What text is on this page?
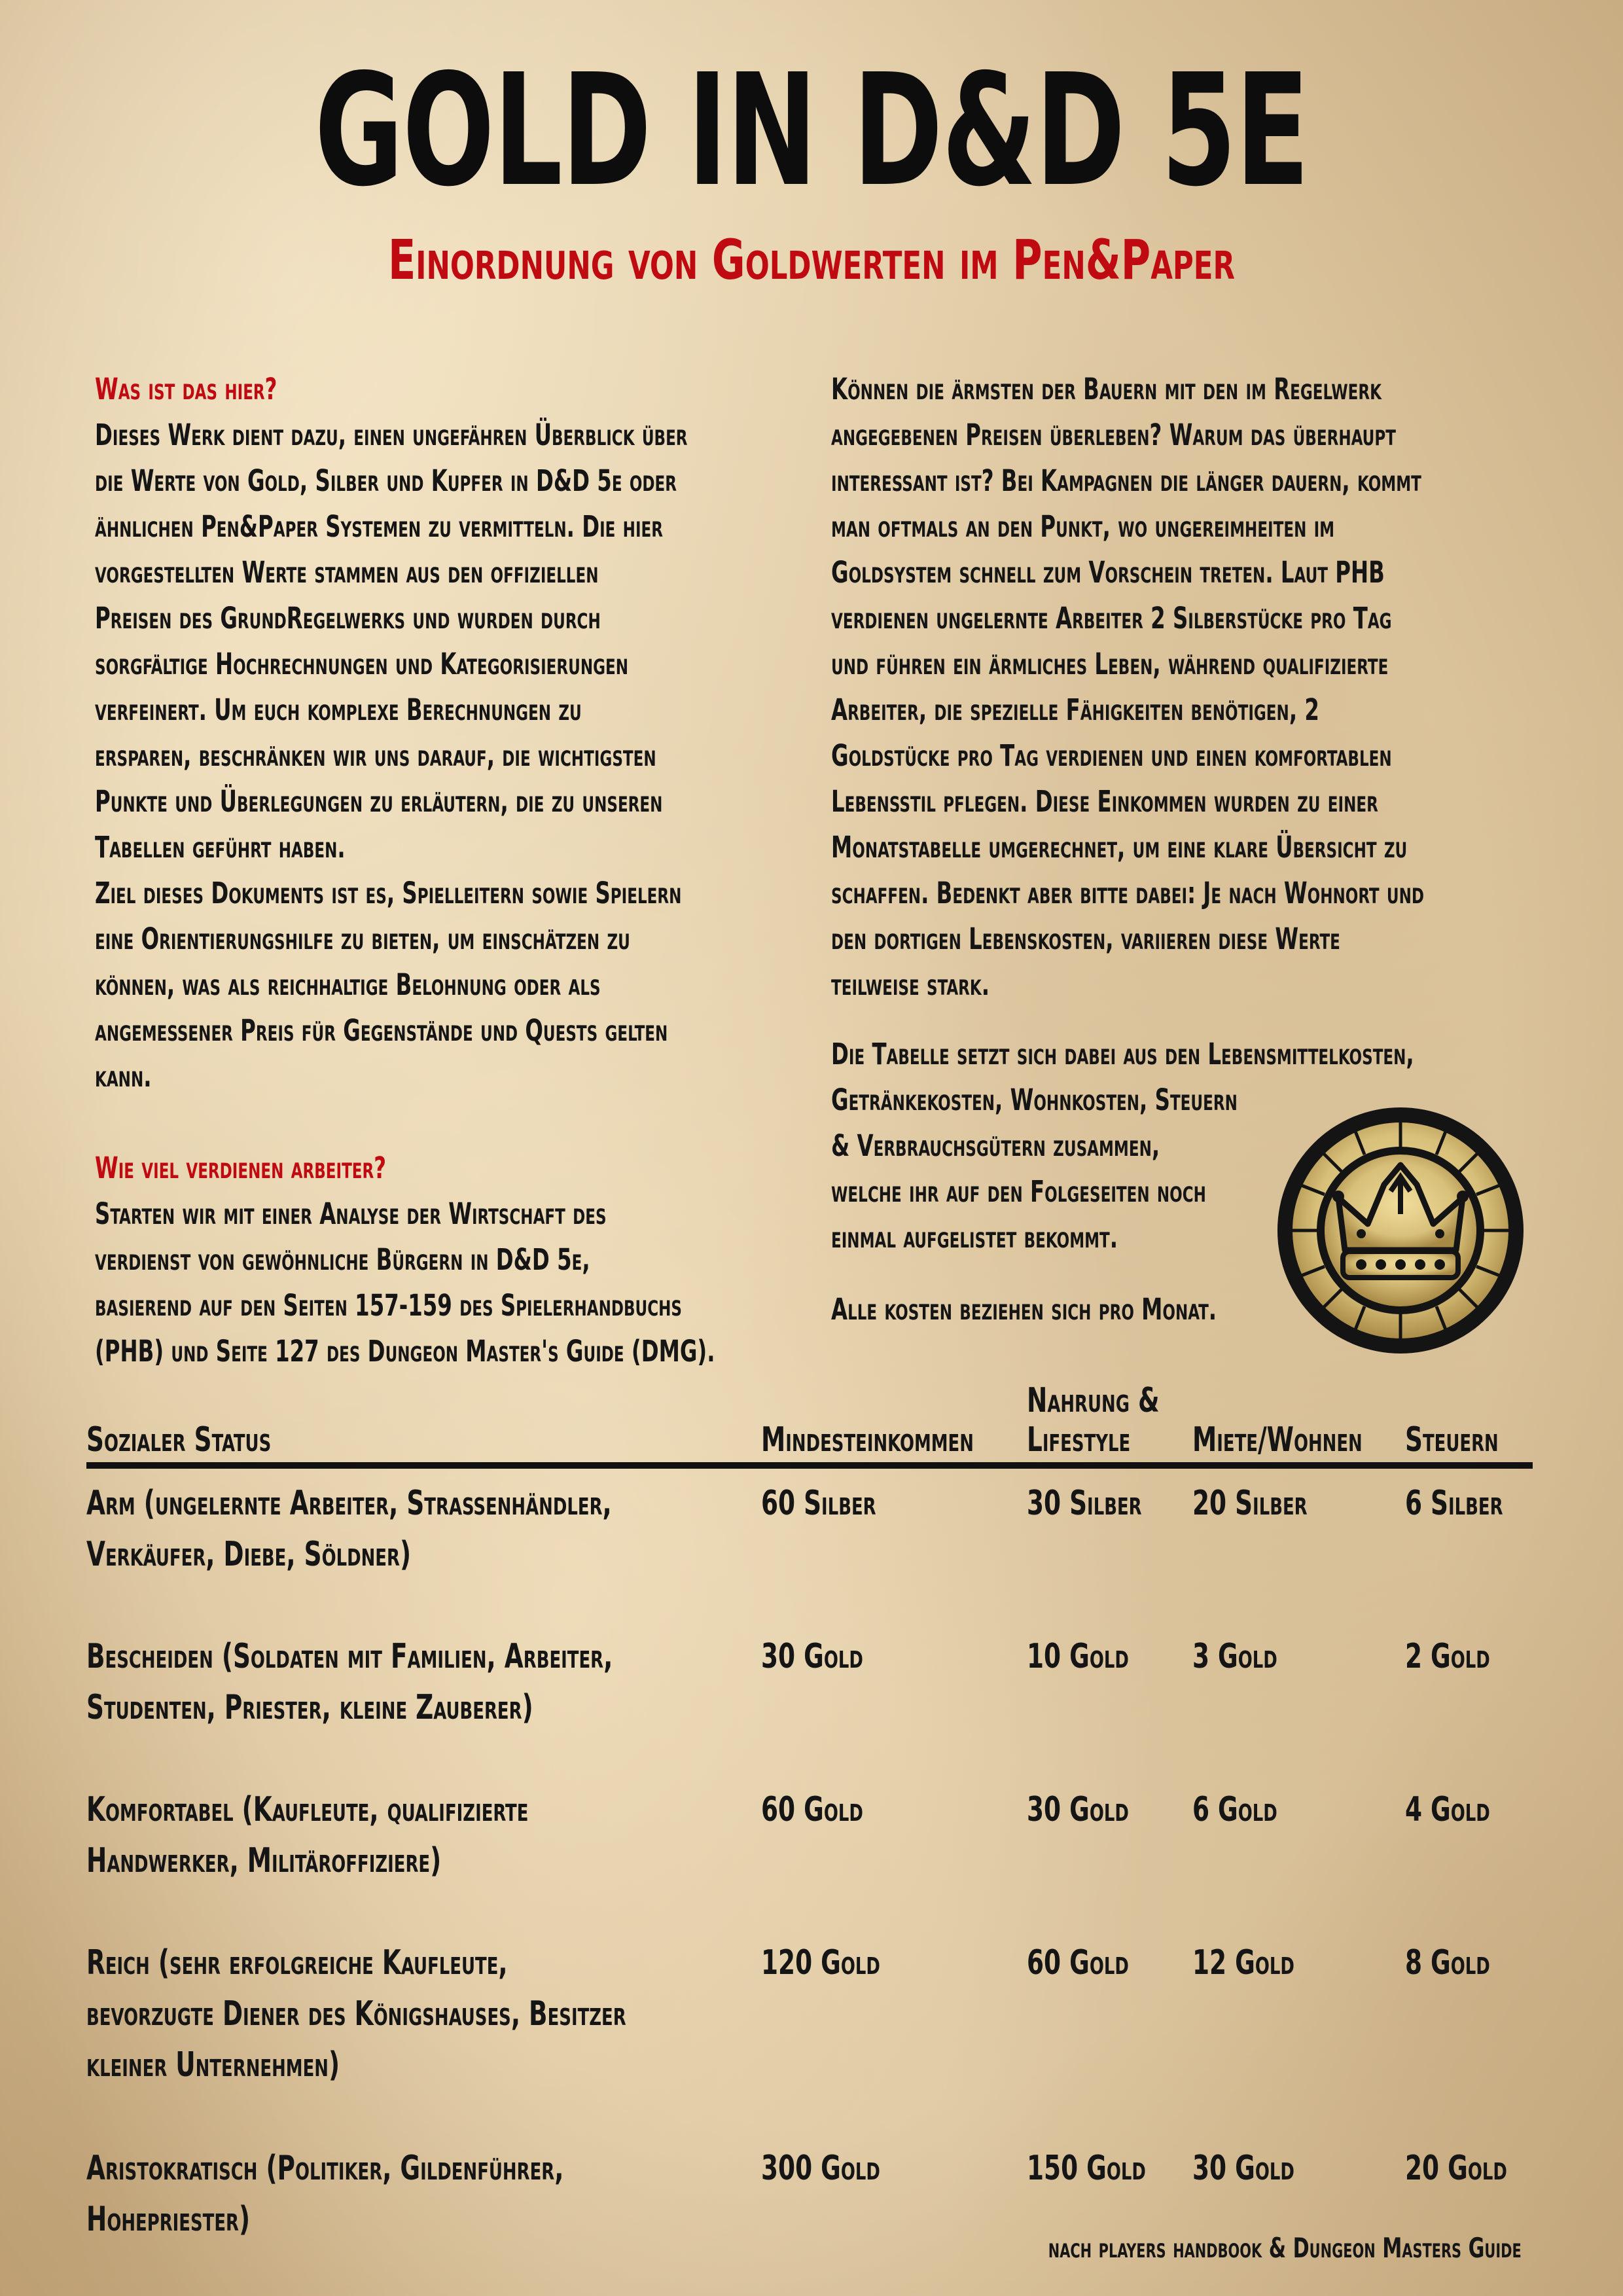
GOLD IN D&D 5E
Einordnung von Goldwerten im Pen&Paper
Was ist das hier?
Dieses Werk dient dazu, einen ungefähren Überblick über
die Werte von Gold, Silber und Kupfer in D&D 5e oder
ähnlichen Pen&Paper Systemen zu vermitteln. Die hier
vorgestellten Werte stammen aus den offiziellen
Preisen des GrundRegelwerks und wurden durch
sorgfältige Hochrechnungen und Kategorisierungen
verfeinert. Um euch komplexe Berechnungen zu
ersparen, beschränken wir uns darauf, die wichtigsten
Punkte und Überlegungen zu erläutern, die zu unseren
Tabellen geführt haben.
Ziel dieses Dokuments ist es, Spielleitern sowie Spielern
eine Orientierungshilfe zu bieten, um einschätzen zu
können, was als reichhaltige Belohnung oder als
angemessener Preis für Gegenstände und Quests gelten
kann.
Wie viel verdienen arbeiter?
Starten wir mit einer Analyse der Wirtschaft des
verdienst von gewöhnliche Bürgern in D&D 5e,
basierend auf den Seiten 157-159 des Spielerhandbuchs
(PHB) und Seite 127 des Dungeon Master's Guide (DMG).
Können die ärmsten der Bauern mit den im Regelwerk
angegebenen Preisen überleben? Warum das überhaupt
interessant ist? Bei Kampagnen die länger dauern, kommt
man oftmals an den Punkt, wo ungereimheiten im
Goldsystem schnell zum Vorschein treten. Laut PHB
verdienen ungelernte Arbeiter 2 Silberstücke pro Tag
und führen ein ärmliches Leben, während qualifizierte
Arbeiter, die spezielle Fähigkeiten benötigen, 2
Goldstücke pro Tag verdienen und einen komfortablen
Lebensstil pflegen. Diese Einkommen wurden zu einer
Monatstabelle umgerechnet, um eine klare Übersicht zu
schaffen. Bedenkt aber bitte dabei: Je nach Wohnort und
den dortigen Lebenskosten, variieren diese Werte
teilweise stark.
Die Tabelle setzt sich dabei aus den Lebensmittelkosten,
Getränkekosten, Wohnkosten, Steuern
& Verbrauchsgütern zusammen,
welche ihr auf den Folgeseiten noch
einmal aufgelistet bekommt.
Alle kosten beziehen sich pro Monat.
Sozialer Status	Mindesteinkommen	Nahrung &
Lifestyle	Miete/Wohnen	Steuern
Arm (ungelernte Arbeiter, Strassenhändler,
Verkäufer, Diebe, Söldner)	60 Silber	30 Silber	20 Silber	6 Silber
Bescheiden (Soldaten mit Familien, Arbeiter,
Studenten, Priester, kleine Zauberer)	30 Gold	10 Gold	3 Gold	2 Gold
Komfortabel (Kaufleute, qualifizierte
Handwerker, Militäroffiziere)	60 Gold	30 Gold	6 Gold	4 Gold
Reich (sehr erfolgreiche Kaufleute,
bevorzugte Diener des Königshauses, Besitzer
kleiner Unternehmen)	120 Gold	60 Gold	12 Gold	8 Gold
Aristokratisch (Politiker, Gildenführer,
Hohepriester)	300 Gold	150 Gold	30 Gold	20 Gold
nach players handbook & Dungeon Masters Guide
